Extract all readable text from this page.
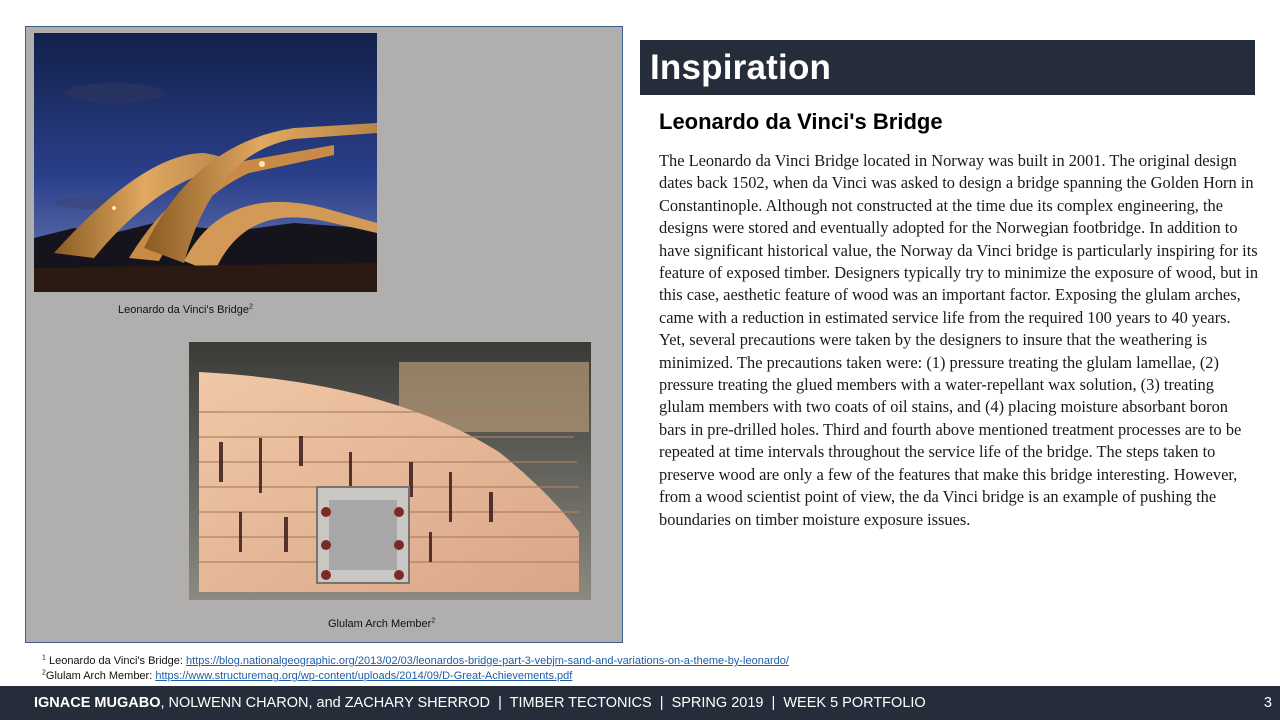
Leonardo da Vinci's Bridge$^2$
Glulam Arch Member$^2$
Inspiration
Leonardo da Vinci's Bridge
The Leonardo da Vinci Bridge located in Norway was built in 2001. The original design dates back 1502, when da Vinci was asked to design a bridge spanning the Golden Horn in Constantinople. Although not constructed at the time due its complex engineering, the designs were stored and eventually adopted for the Norwegian footbridge. In addition to have significant historical value, the Norway da Vinci bridge is particularly inspiring for its feature of exposed timber. Designers typically try to minimize the exposure of wood, but in this case, aesthetic feature of wood was an important factor. Exposing the glulam arches, came with a reduction in estimated service life from the required 100 years to 40 years. Yet, several precautions were taken by the designers to insure that the weathering is minimized. The precautions taken were: (1) pressure treating the glulam lamellae, (2) pressure treating the glued members with a water-repellant wax solution, (3) treating glulam members with two coats of oil stains, and (4) placing moisture absorbant boron bars in pre-drilled holes. Third and fourth above mentioned treatment processes are to be repeated at time intervals throughout the service life of the bridge. The steps taken to preserve wood are only a few of the features that make this bridge interesting. However, from a wood scientist point of view, the da Vinci bridge is an example of pushing the boundaries on timber moisture exposure issues.
$^1$ Leonardo da Vinci's Bridge: https://blog.nationalgeographic.org/2013/02/03/leonardos-bridge-part-3-vebjm-sand-and-variations-on-a-theme-by-leonardo/
$^2$Glulam Arch Member: https://www.structuremag.org/wp-content/uploads/2014/09/D-Great-Achievements.pdf
IGNACE MUGABO, NOLWENN CHARON, and ZACHARY SHERROD  |  TIMBER TECTONICS  |  SPRING 2019  |  WEEK 5 PORTFOLIO	3
